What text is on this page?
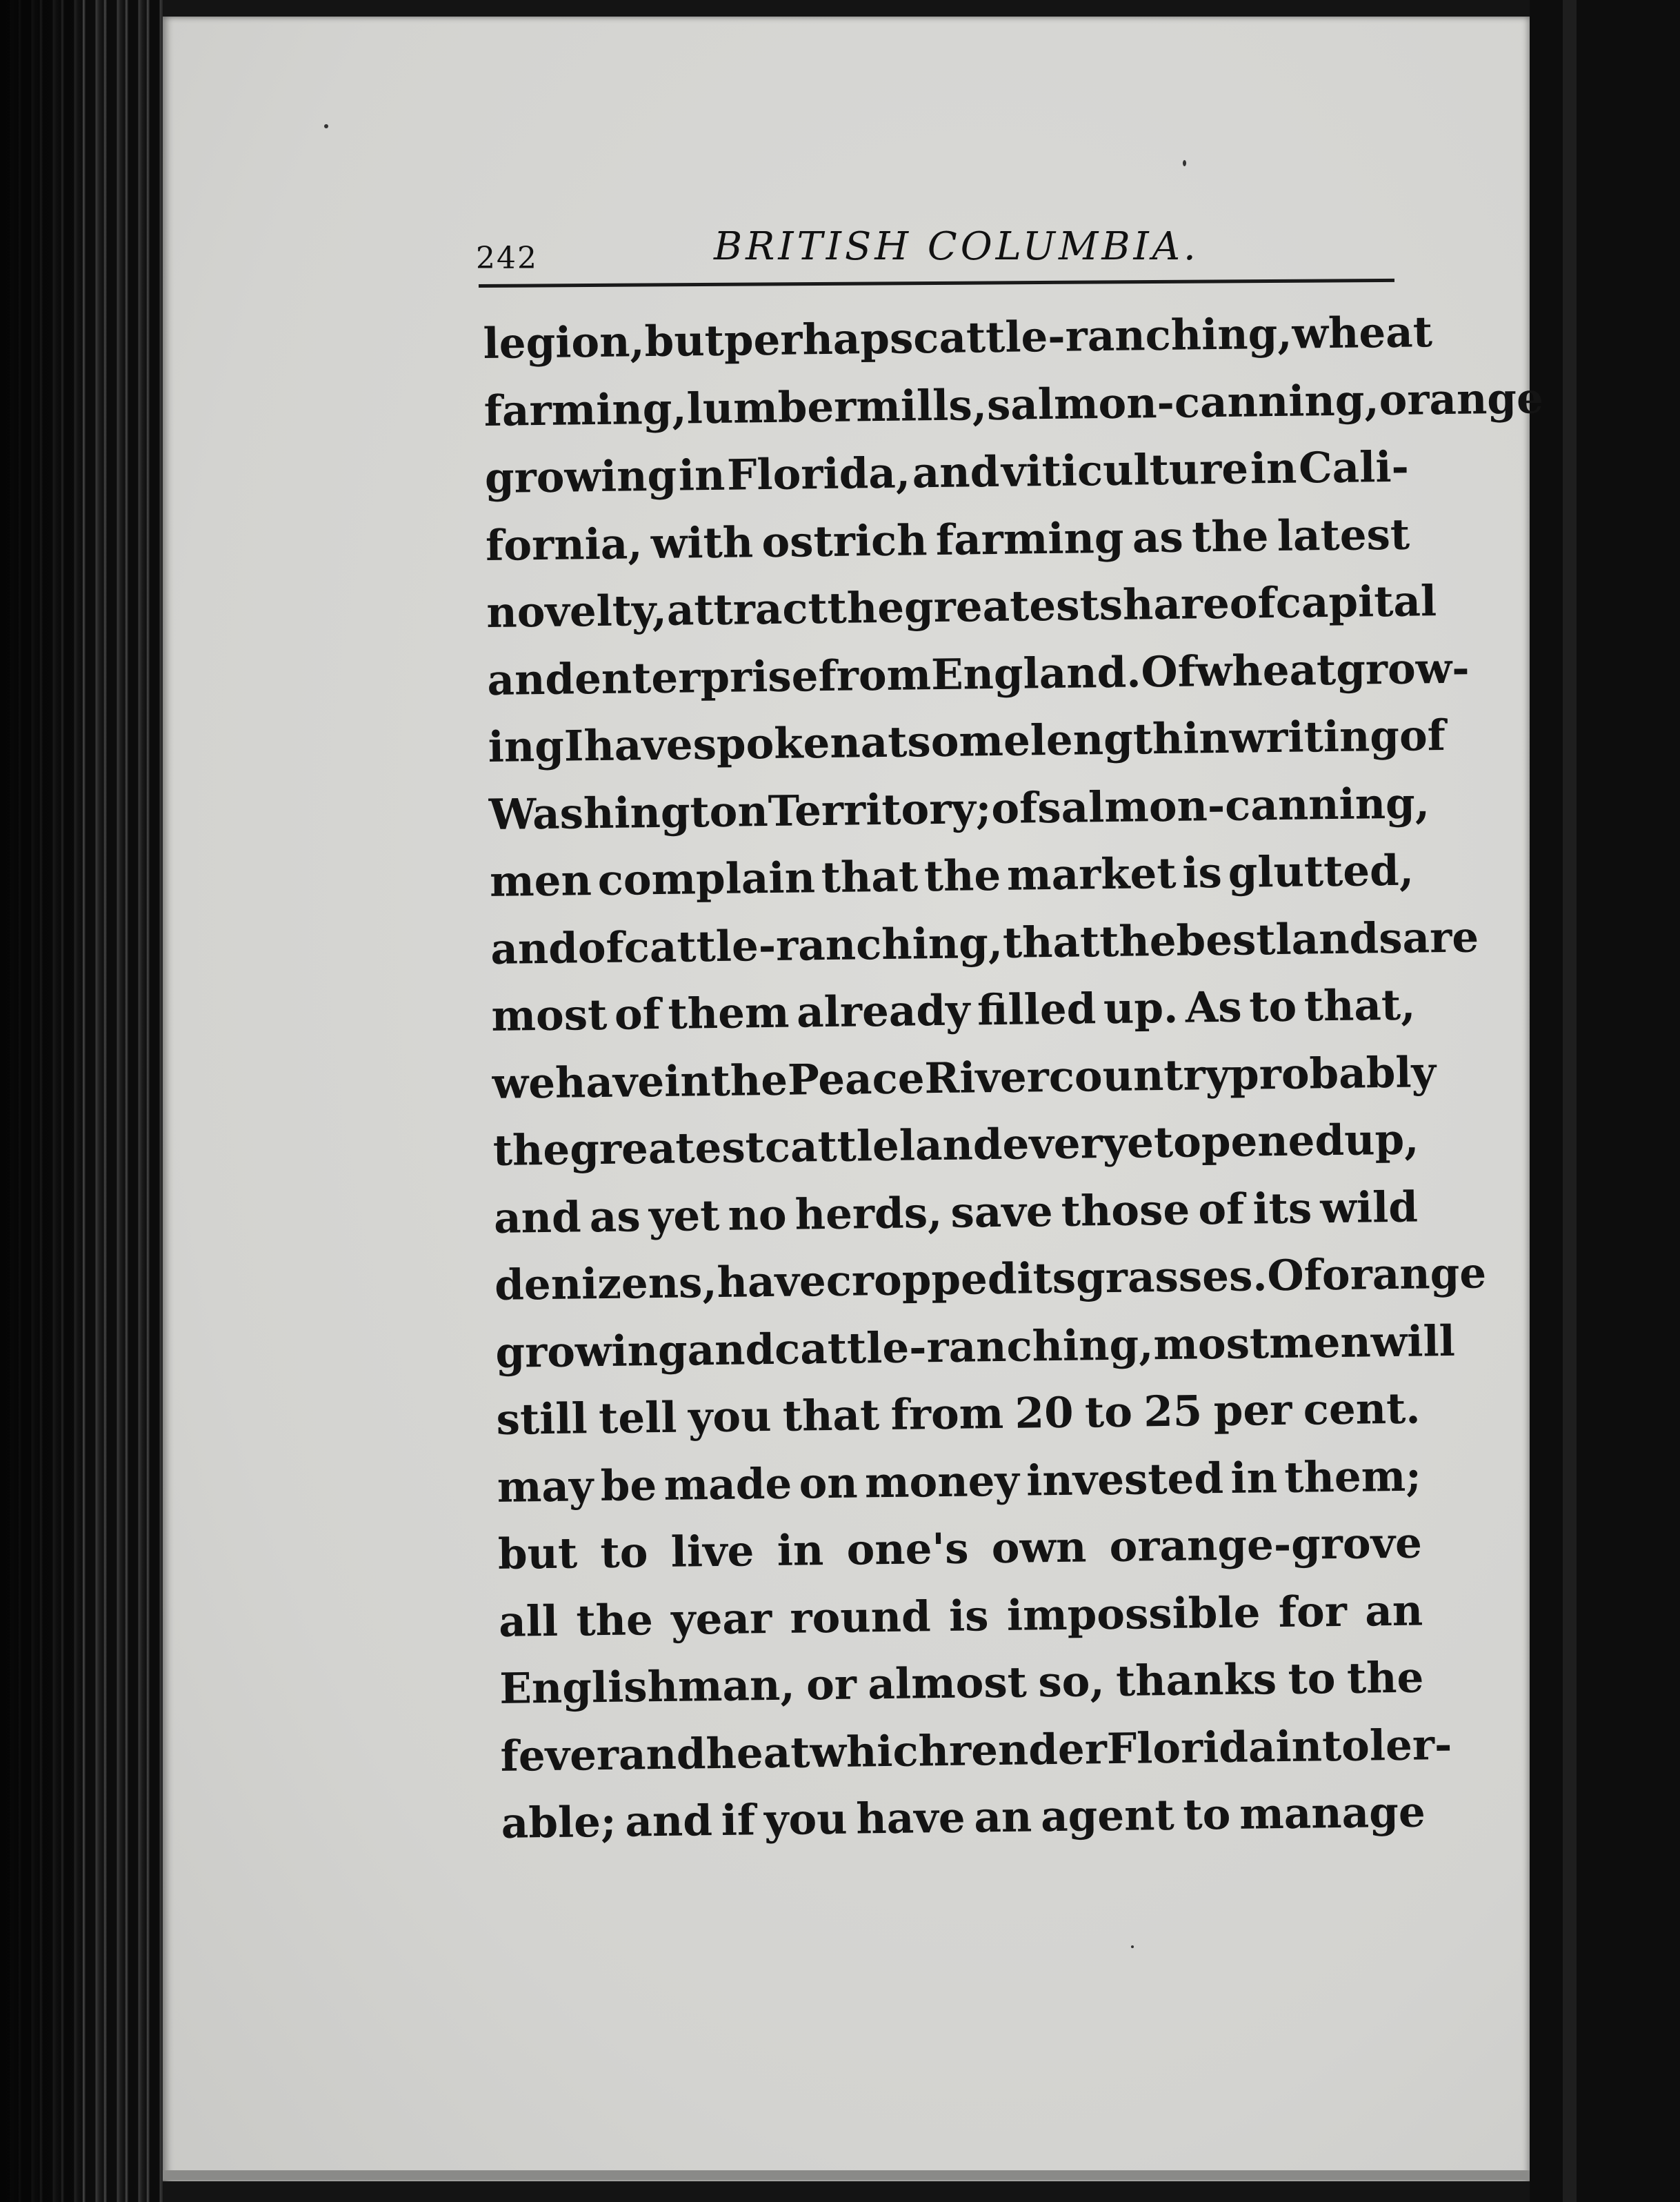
242	BRITISH COLUMBIA.
legion, but perhaps cattle-ranching, wheat
farming, lumber mills, salmon-canning, orange
growing in Florida, and viticulture in Cali-
fornia, with ostrich farming as the latest
novelty, attract the greatest share of capital
and enterprise from England. Of wheat grow-
ing I have spoken at some length in writing of
Washington Territory; of salmon-canning,
men complain that the market is glutted,
and of cattle-ranching, that the best lands are
most of them already filled up. As to that,
we have in the Peace River country probably
the greatest cattle land ever yet opened up,
and as yet no herds, save those of its wild
denizens, have cropped its grasses. Of orange
growing and cattle-ranching, most men will
still tell you that from 20 to 25 per cent.
may be made on money invested in them;
but to live in one's own orange-grove
all the year round is impossible for an
Englishman, or almost so, thanks to the
fever and heat which render Florida intoler-
able; and if you have an agent to manage
